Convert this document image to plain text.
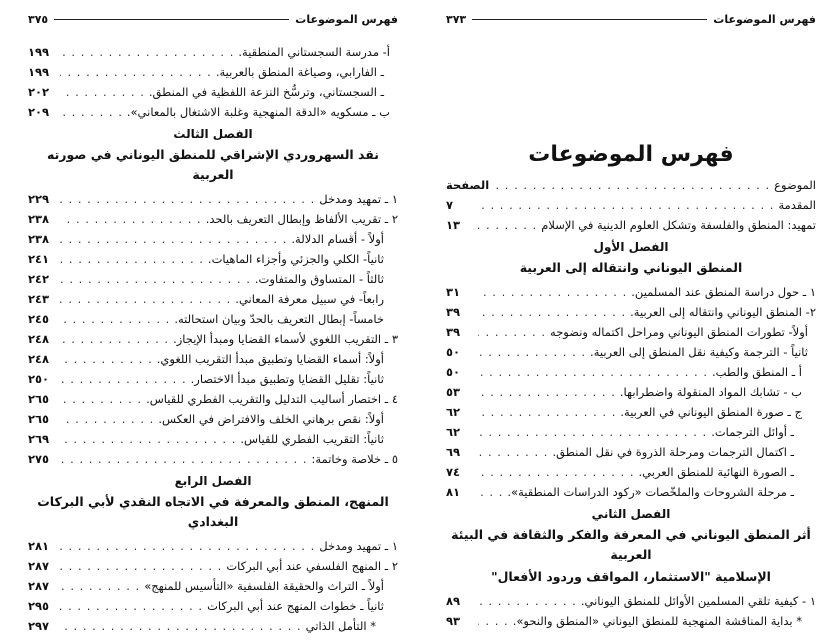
فهرس الموضوعات
٣٧٥
أ- مدرسة السجستاني المنطقية.
. . .
١٩٩
ـ الفارابي، وصياغة المنطق بالعربية.
. . .
١٩٩
ـ السجستاني، وترسُّخ النزعة اللفظية في المنطق.
. . .
٢٠٢
ب ـ مسكويه «الدقة المنهجية وغلبة الاشتغال بالمعاني».
. . .
٢٠٩
الفصل الثالث
نقد السهروردي الإشراقي للمنطق اليوناني في صورته العربية
١ ـ تمهيد ومدخل
. . .
٢٢٩
٢ ـ تقريب الألفاظ وإبطال التعريف بالحد.
. . .
٢٣٨
أولاً - أقسام الدلالة.
. . .
٢٣٨
ثانياً- الكلي والجزئي وأجزاء الماهيات.
. . .
٢٤١
ثالثاً - المتساوق والمتفاوت.
. . .
٢٤٢
رابعاً- في سبيل معرفة المعاني.
. . .
٢٤٣
خامساً- إبطال التعريف بالحدّ وبيان استحالته.
. . .
٢٤٥
٣ ـ التقريب اللغوي لأسماء القضايا ومبدأ الإيجاز.
. . .
٢٤٨
أولاً: أسماء القضايا وتطبيق مبدأ التقريب اللغوي.
. . .
٢٤٨
ثانياً: تقليل القضايا وتطبيق مبدأ الاختصار.
. . .
٢٥٠
٤ ـ اختصار أساليب التدليل والتقريب الفطري للقياس.
. . .
٢٦٥
أولاً: نقص برهاني الخلف والافتراض في العكس.
. . .
٢٦٥
ثانياً: التقريب الفطري للقياس.
. . .
٢٦٩
٥ ـ خلاصة وخاتمة:
. . .
٢٧٥
الفصل الرابع
المنهج، المنطق والمعرفة في الاتجاه النقدي لأبي البركات البغدادي
١ ـ تمهيد ومدخل
. . .
٢٨١
٢ ـ المنهج الفلسفي عند أبي البركات
. . .
٢٨٧
أولاً ـ التراث والحقيقة الفلسفية «التأسيس للمنهج»
. . .
٢٨٧
ثانياً ـ خطوات المنهج عند أبي البركات
. . .
٢٩٥
* التأمل الذاتي
. . .
٢٩٧
فهرس الموضوعات
٣٧٣
فهرس الموضوعات
الموضوع
. . .
الصفحة
المقدمة
. . .
٧
تمهيد: المنطق والفلسفة وتشكل العلوم الدينية في الإسلام
. . .
١٣
الفصل الأول
المنطق اليوناني وانتقاله إلى العربية
١ ـ حول دراسة المنطق عند المسلمين.
. . .
٣١
٢- المنطق اليوناني وانتقاله إلى العربية.
. . .
٣٩
أولاً- تطورات المنطق اليوناني ومراحل اكتماله ونضوجه
. . .
٣٩
ثانياً - الترجمة وكيفية نقل المنطق إلى العربية.
. . .
٥٠
أ ـ المنطق والطب.
. . .
٥٠
ب - تشابك المواد المنقولة واضطرابها.
. . .
٥٣
ج ـ صورة المنطق اليوناني في العربية.
. . .
٦٢
ـ أوائل الترجمات.
. . .
٦٢
ـ اكتمال الترجمات ومرحلة الذروة في نقل المنطق.
. . .
٦٩
ـ الصورة النهائية للمنطق العربي.
. . .
٧٤
ـ مرحلة الشروحات والملخّصات «ركود الدراسات المنطقية».
. . .
٨١
الفصل الثاني
أثر المنطق اليوناني في المعرفة والفكر والثقافة في البيئة العربية
الإسلامية "الاستثمار، المواقف وردود الأفعال"
١ - كيفية تلقي المسلمين الأوائل للمنطق اليوناني.
. . .
٨٩
* بداية المناقشة المنهجية للمنطق اليوناني «المنطق والنحو».
. . .
٩٣
